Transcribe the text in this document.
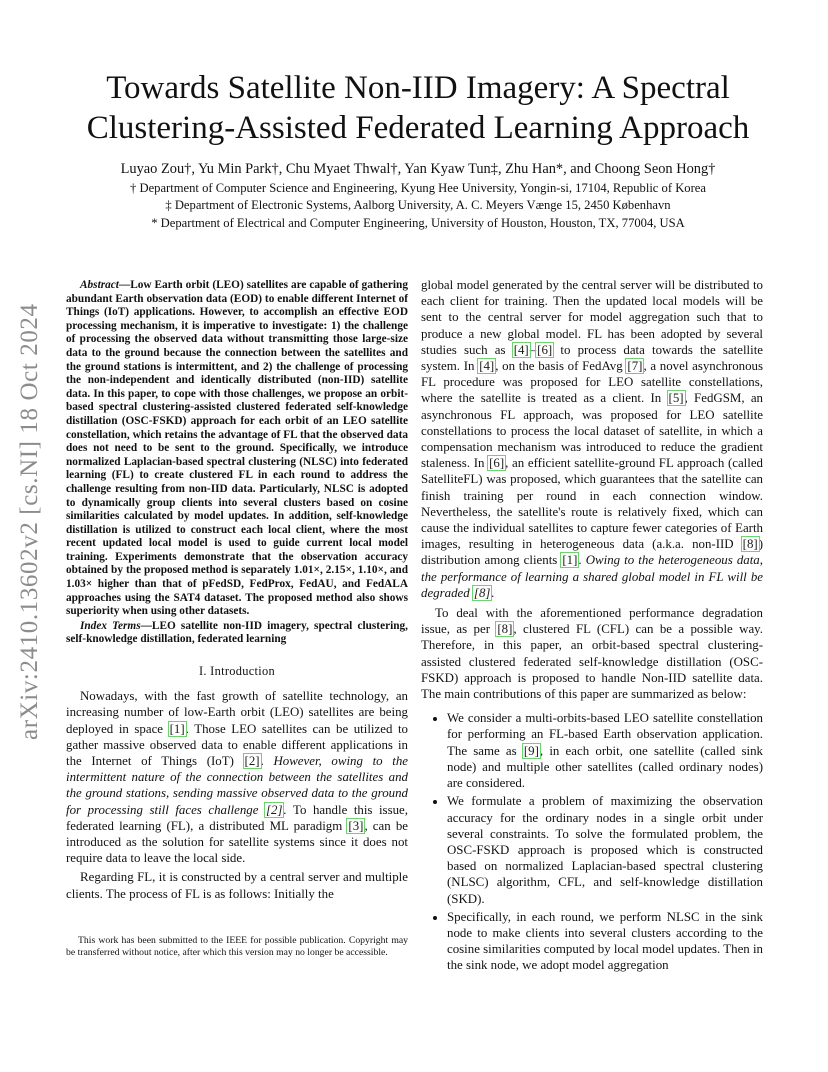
arXiv:2410.13602v2 [cs.NI] 18 Oct 2024
Towards Satellite Non-IID Imagery: A Spectral
Clustering-Assisted Federated Learning Approach
Luyao Zou†, Yu Min Park†, Chu Myaet Thwal†, Yan Kyaw Tun‡, Zhu Han*, and Choong Seon Hong†
† Department of Computer Science and Engineering, Kyung Hee University, Yongin-si, 17104, Republic of Korea
‡ Department of Electronic Systems, Aalborg University, A. C. Meyers Vænge 15, 2450 København
* Department of Electrical and Computer Engineering, University of Houston, Houston, TX, 77004, USA

Abstract—Low Earth orbit (LEO) satellites are capable of gathering abundant Earth observation data (EOD) to enable different Internet of Things (IoT) applications. However, to accomplish an effective EOD processing mechanism, it is imperative to investigate: 1) the challenge of processing the observed data without transmitting those large-size data to the ground because the connection between the satellites and the ground stations is intermittent, and 2) the challenge of processing the non-independent and identically distributed (non-IID) satellite data. In this paper, to cope with those challenges, we propose an orbit-based spectral clustering-assisted clustered federated self-knowledge distillation (OSC-FSKD) approach for each orbit of an LEO satellite constellation, which retains the advantage of FL that the observed data does not need to be sent to the ground. Specifically, we introduce normalized Laplacian-based spectral clustering (NLSC) into federated learning (FL) to create clustered FL in each round to address the challenge resulting from non-IID data. Particularly, NLSC is adopted to dynamically group clients into several clusters based on cosine similarities calculated by model updates. In addition, self-knowledge distillation is utilized to construct each local client, where the most recent updated local model is used to guide current local model training. Experiments demonstrate that the observation accuracy obtained by the proposed method is separately 1.01×, 2.15×, 1.10×, and 1.03× higher than that of pFedSD, FedProx, FedAU, and FedALA approaches using the SAT4 dataset. The proposed method also shows superiority when using other datasets.

Index Terms—LEO satellite non-IID imagery, spectral clustering, self-knowledge distillation, federated learning

I. Introduction

Nowadays, with the fast growth of satellite technology, an increasing number of low-Earth orbit (LEO) satellites are being deployed in space [1]. Those LEO satellites can be utilized to gather massive observed data to enable different applications in the Internet of Things (IoT) [2]. However, owing to the intermittent nature of the connection between the satellites and the ground stations, sending massive observed data to the ground for processing still faces challenge [2]. To handle this issue, federated learning (FL), a distributed ML paradigm [3], can be introduced as the solution for satellite systems since it does not require data to leave the local side.

Regarding FL, it is constructed by a central server and multiple clients. The process of FL is as follows: Initially the

This work has been submitted to the IEEE for possible publication. Copyright may be transferred without notice, after which this version may no longer be accessible.

global model generated by the central server will be distributed to each client for training. Then the updated local models will be sent to the central server for model aggregation such that to produce a new global model. FL has been adopted by several studies such as [4]–[6] to process data towards the satellite system. In [4], on the basis of FedAvg [7], a novel asynchronous FL procedure was proposed for LEO satellite constellations, where the satellite is treated as a client. In [5], FedGSM, an asynchronous FL approach, was proposed for LEO satellite constellations to process the local dataset of satellite, in which a compensation mechanism was introduced to reduce the gradient staleness. In [6], an efficient satellite-ground FL approach (called SatelliteFL) was proposed, which guarantees that the satellite can finish training per round in each connection window. Nevertheless, the satellite's route is relatively fixed, which can cause the individual satellites to capture fewer categories of Earth images, resulting in heterogeneous data (a.k.a. non-IID [8]) distribution among clients [1]. Owing to the heterogeneous data, the performance of learning a shared global model in FL will be degraded [8].

To deal with the aforementioned performance degradation issue, as per [8], clustered FL (CFL) can be a possible way. Therefore, in this paper, an orbit-based spectral clustering-assisted clustered federated self-knowledge distillation (OSC-FSKD) approach is proposed to handle Non-IID satellite data. The main contributions of this paper are summarized as below:

• We consider a multi-orbits-based LEO satellite constellation for performing an FL-based Earth observation application. The same as [9], in each orbit, one satellite (called sink node) and multiple other satellites (called ordinary nodes) are considered.
• We formulate a problem of maximizing the observation accuracy for the ordinary nodes in a single orbit under several constraints. To solve the formulated problem, the OSC-FSKD approach is proposed which is constructed based on normalized Laplacian-based spectral clustering (NLSC) algorithm, CFL, and self-knowledge distillation (SKD).
• Specifically, in each round, we perform NLSC in the sink node to make clients into several clusters according to the cosine similarities computed by local model updates. Then in the sink node, we adopt model aggregation
